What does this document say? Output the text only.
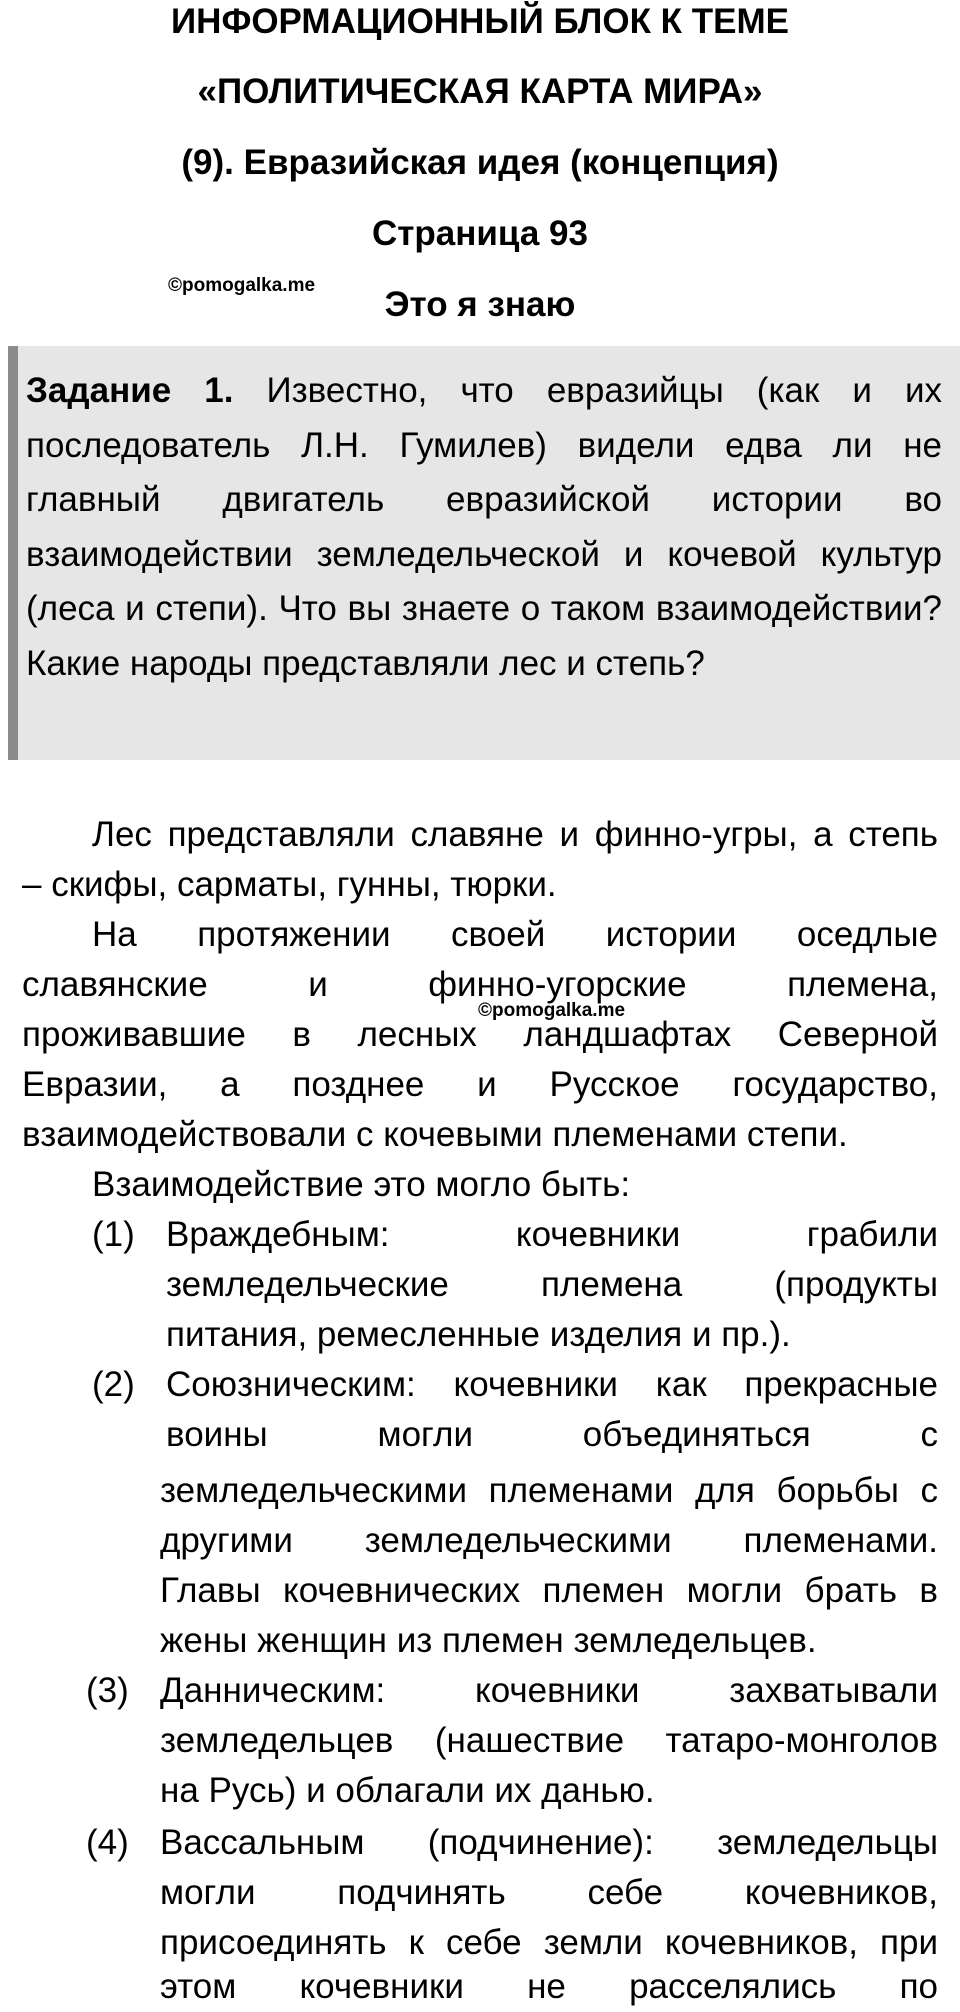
ИНФОРМАЦИОННЫЙ БЛОК К ТЕМЕ
«ПОЛИТИЧЕСКАЯ КАРТА МИРА»
(9). Евразийская идея (концепция)
Страница 93
©pomogalka.me	Это я знаю
Задание 1. Известно, что евразийцы (как и их последователь Л.Н. Гумилев) видели едва ли не главный двигатель евразийской истории во взаимодействии земледельческой и кочевой культур (леса и степи). Что вы знаете о таком взаимодействии? Какие народы представляли лес и степь?
Лес представляли славяне и финно-угры, а степь
– скифы, сарматы, гунны, тюрки.
На протяжении своей истории оседлые
славянские и финно-угорские племена,
проживавшие в лесных ландшафтах Северной
Евразии, а позднее и Русское государство,
взаимодействовали с кочевыми племенами степи.
©pomogalka.me
Взаимодействие это могло быть:
(1) Враждебным: кочевники грабили
земледельческие племена (продукты
питания, ремесленные изделия и пр.).
(2) Союзническим: кочевники как прекрасные
воины могли объединяться с
земледельческими племенами для борьбы с
другими земледельческими племенами.
Главы кочевнических племен могли брать в
жены женщин из племен земледельцев.
(3) Данническим: кочевники захватывали
земледельцев (нашествие татаро-монголов
на Русь) и облагали их данью.
(4) Вассальным (подчинение): земледельцы
могли подчинять себе кочевников,
присоединять к себе земли кочевников, при
этом кочевники не расселялись по
